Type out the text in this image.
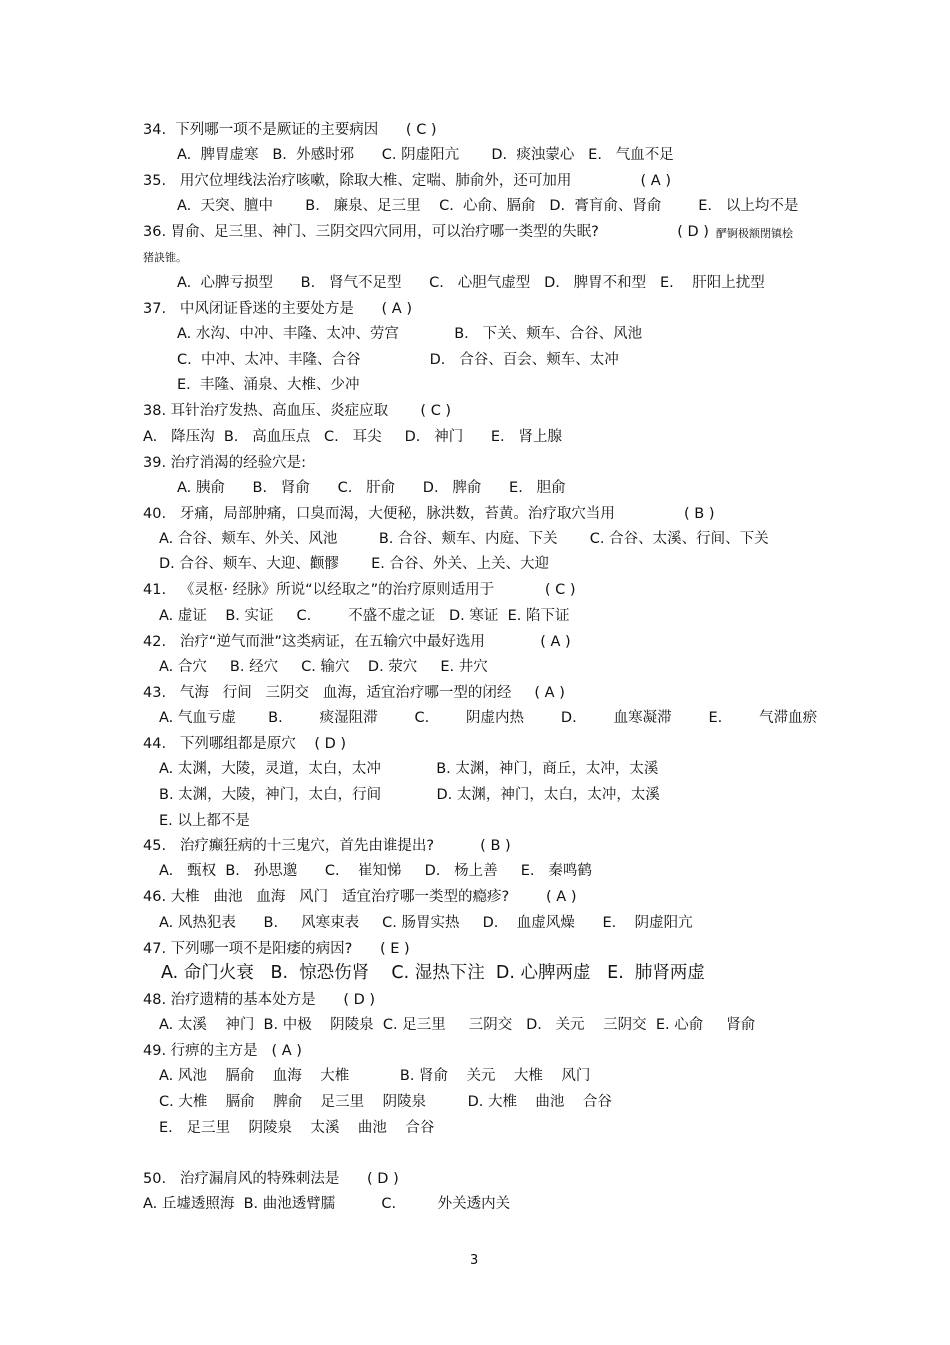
34.  下列哪一项不是厥证的主要病因      ( C )
A.  脾胃虚寒   B.  外感时邪      C. 阴虚阳亢       D.  痰浊蒙心   E.   气血不足
35.   用穴位埋线法治疗咳嗽，除取大椎、定喘、肺俞外，还可加用               ( A )
A.  天突、膻中       B.   廉泉、足三里    C.  心俞、膈俞   D.  膏肓俞、肾俞        E.   以上均不是
36. 胃俞、足三里、神门、三阴交四穴同用，可以治疗哪一类型的失眠?                 ( D ) 酽锕极额閉镇桧
猪訣锥。
A.  心脾亏损型      B.   肾气不足型      C.   心胆气虚型   D.   脾胃不和型   E.    肝阳上扰型
37.   中风闭证昏迷的主要处方是      ( A )
A. 水沟、中冲、丰隆、太冲、劳宫            B.   下关、颊车、合谷、风池
C.  中冲、太冲、丰隆、合谷               D.   合谷、百会、颊车、太冲
E.  丰隆、涌泉、大椎、少冲
38. 耳针治疗发热、高血压、炎症应取       ( C )
A.   降压沟  B.   高血压点   C.   耳尖     D.   神门      E.   肾上腺
39. 治疗消渴的经验穴是:
A. 胰俞      B.   肾俞      C.   肝俞      D.   脾俞      E.   胆俞
40.   牙痛，局部肿痛，口臭而渴，大便秘，脉洪数，苔黄。治疗取穴当用               ( B )
A. 合谷、颊车、外关、风池         B. 合谷、颊车、内庭、下关       C. 合谷、太溪、行间、下关
D. 合谷、颊车、大迎、颧髎       E. 合谷、外关、上关、大迎
41.   《灵枢· 经脉》所说“以经取之”的治疗原则适用于           ( C )
A. 虚证    B. 实证     C.        不盛不虚之证   D. 寒证  E. 陷下证
42.   治疗“逆气而泄”这类病证，在五输穴中最好选用            ( A )
A. 合穴     B. 经穴     C. 输穴    D. 荥穴     E. 井穴
43.   气海   行间   三阴交   血海，适宜治疗哪一型的闭经     ( A )
A. 气血亏虚       B.        痰湿阻滞        C.        阴虚内热        D.        血寒凝滞        E.        气滞血瘀
44.   下列哪组都是原穴    ( D )
A. 太渊，大陵，灵道，太白，太冲            B. 太渊，神门，商丘，太冲，太溪
B. 太渊，大陵，神门，太白，行间            D. 太渊，神门，太白，太冲，太溪
E. 以上都不是
45.   治疗癫狂病的十三鬼穴，首先由谁提出?          ( B )
A.   甄权  B.   孙思邈      C.    崔知悌     D.   杨上善     E.   秦鸣鹤
46. 大椎   曲池   血海   风门   适宜治疗哪一类型的瘾疹?        ( A )
A. 风热犯表      B.     风寒束表     C. 肠胃实热     D.    血虚风燥      E.    阴虚阳亢
47. 下列哪一项不是阳痿的病因?      ( E )
A. 命门火衰   B.  惊恐伤肾    C. 湿热下注  D. 心脾两虚   E.  肺肾两虚
48. 治疗遗精的基本处方是      ( D )
A. 太溪    神门  B. 中极    阴陵泉  C. 足三里     三阴交   D.   关元    三阴交  E. 心俞     肾俞
49. 行痹的主方是   ( A )
A. 风池    膈俞    血海    大椎           B. 肾俞    关元    大椎    风门
C. 大椎    膈俞    脾俞    足三里    阴陵泉         D. 大椎    曲池    合谷
E.   足三里    阴陵泉    太溪    曲池    合谷
50.   治疗漏肩风的特殊刺法是      ( D )
A. 丘墟透照海  B. 曲池透臂臑          C.         外关透内关
3
